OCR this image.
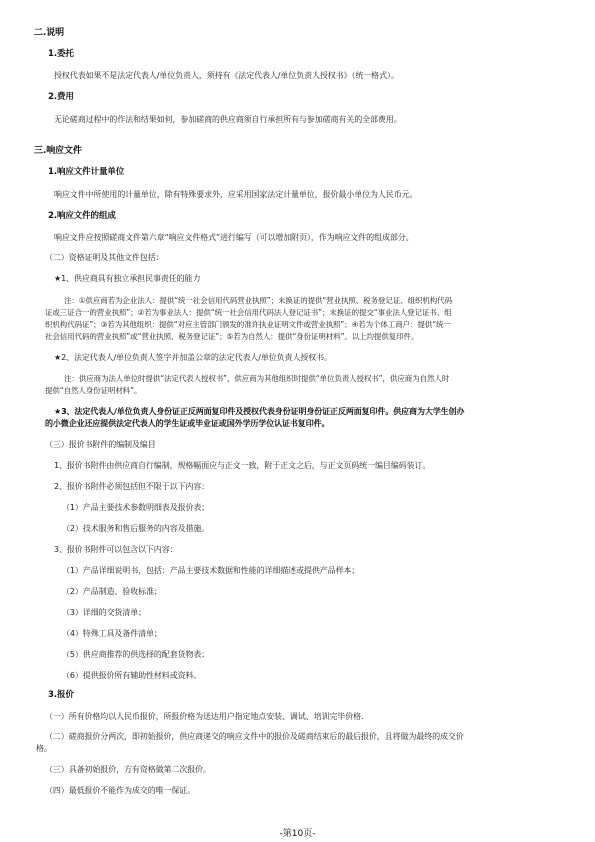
二.说明
1.委托
授权代表如果不是法定代表人/单位负责人，须持有《法定代表人/单位负责人授权书》（统一格式）。
2.费用
无论磋商过程中的作法和结果如何，参加磋商的供应商须自行承担所有与参加磋商有关的全部费用。
三.响应文件
1.响应文件计量单位
响应文件中所使用的计量单位，除有特殊要求外，应采用国家法定计量单位，报价最小单位为人民币元。
2.响应文件的组成
响应文件应按照磋商文件第六章“响应文件格式”进行编写（可以增加附页），作为响应文件的组成部分。
（二）资格证明及其他文件包括：
★1、供应商具有独立承担民事责任的能力
注：①供应商若为企业法人：提供“统一社会信用代码营业执照”；未换证的提供“营业执照、税务登记证、组织机构代码
证或三证合一的营业执照”；②若为事业法人：提供“统一社会信用代码法人登记证书”；未换证的提交“事业法人登记证书、组
织机构代码证”；③若为其他组织：提供“对应主管部门颁发的准许执业证明文件或营业执照”；④若为个体工商户：提供“统一
社会信用代码的营业执照”或“营业执照、税务登记证”；⑤若为自然人：提供“身份证明材料”。以上均提供复印件。
★2、法定代表人/单位负责人签字并加盖公章的法定代表人/单位负责人授权书。
注：供应商为法人单位时提供“法定代表人授权书”，供应商为其他组织时提供“单位负责人授权书”，供应商为自然人时
提供“自然人身份证明材料”。
★3、法定代表人/单位负责人身份证正反两面复印件及授权代表身份证明身份证正反两面复印件。供应商为大学生创办
的小微企业还应提供法定代表人的学生证或毕业证或国外学历学位认证书复印件。
（三）报价书附件的编制及编目
1、报价书附件由供应商自行编制，规格幅面应与正文一致，附于正文之后，与正文页码统一编目编码装订。
2、报价书附件必须包括但不限于以下内容：
（1）产品主要技术参数明细表及报价表；
（2）技术服务和售后服务的内容及措施。
3、报价书附件可以包含以下内容：
（1）产品详细说明书，包括：产品主要技术数据和性能的详细描述或提供产品样本；
（2）产品制造、验收标准；
（3）详细的交货清单；
（4）特殊工具及备件清单；
（5）供应商推荐的供选择的配套货物表；
（6）提供报价所有辅助性材料或资料。
3.报价
（一）所有价格均以人民币报价，所报价格为送达用户指定地点安装、调试、培训完毕价格.
（二）磋商报价分两次，即初始报价，供应商递交的响应文件中的报价及磋商结束后的最后报价，且将做为最终的成交价
格。
（三）具备初始报价，方有资格做第二次报价。
（四）最低报价不能作为成交的唯一保证。
-第10页-
